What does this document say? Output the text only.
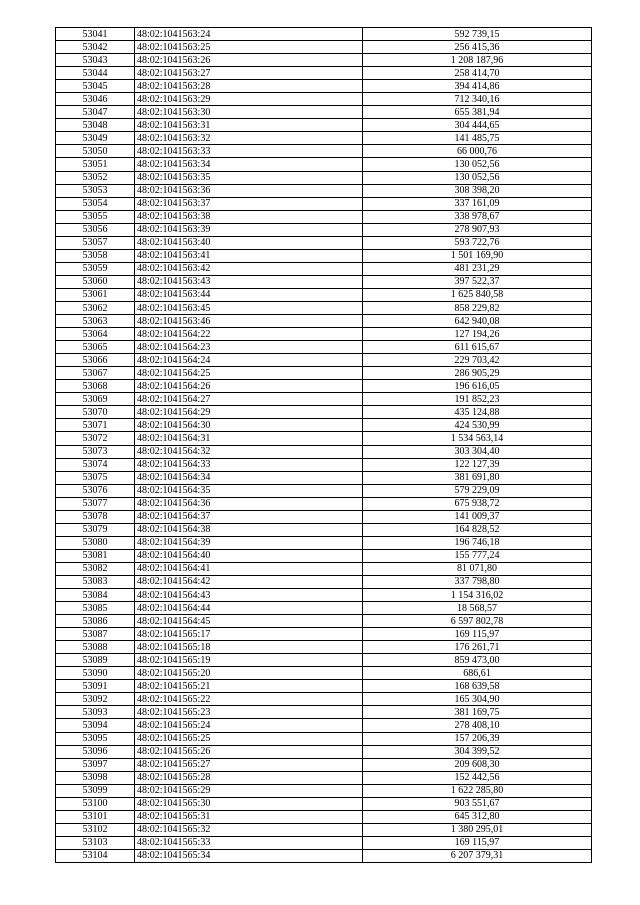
53041	48:02:1041563:24	592 739,15
53042	48:02:1041563:25	256 415,36
53043	48:02:1041563:26	1 208 187,96
53044	48:02:1041563:27	258 414,70
53045	48:02:1041563:28	394 414,86
53046	48:02:1041563:29	712 340,16
53047	48:02:1041563:30	655 381,94
53048	48:02:1041563:31	304 444,65
53049	48:02:1041563:32	141 485,75
53050	48:02:1041563:33	66 000,76
53051	48:02:1041563:34	130 052,56
53052	48:02:1041563:35	130 052,56
53053	48:02:1041563:36	308 398,20
53054	48:02:1041563:37	337 161,09
53055	48:02:1041563:38	338 978,67
53056	48:02:1041563:39	278 907,93
53057	48:02:1041563:40	593 722,76
53058	48:02:1041563:41	1 501 169,90
53059	48:02:1041563:42	481 231,29
53060	48:02:1041563:43	397 522,37
53061	48:02:1041563:44	1 625 840,58
53062	48:02:1041563:45	858 229,82
53063	48:02:1041563:46	642 940,08
53064	48:02:1041564:22	127 194,26
53065	48:02:1041564:23	611 615,67
53066	48:02:1041564:24	229 703,42
53067	48:02:1041564:25	286 905,29
53068	48:02:1041564:26	196 616,05
53069	48:02:1041564:27	191 852,23
53070	48:02:1041564:29	435 124,88
53071	48:02:1041564:30	424 530,99
53072	48:02:1041564:31	1 534 563,14
53073	48:02:1041564:32	303 304,40
53074	48:02:1041564:33	122 127,39
53075	48:02:1041564:34	381 691,80
53076	48:02:1041564:35	579 229,09
53077	48:02:1041564:36	675 938,72
53078	48:02:1041564:37	141 009,37
53079	48:02:1041564:38	164 828,52
53080	48:02:1041564:39	196 746,18
53081	48:02:1041564:40	155 777,24
53082	48:02:1041564:41	81 071,80
53083	48:02:1041564:42	337 798,80
53084	48:02:1041564:43	1 154 316,02
53085	48:02:1041564:44	18 568,57
53086	48:02:1041564:45	6 597 802,78
53087	48:02:1041565:17	169 115,97
53088	48:02:1041565:18	176 261,71
53089	48:02:1041565:19	859 473,00
53090	48:02:1041565:20	686,61
53091	48:02:1041565:21	168 639,58
53092	48:02:1041565:22	165 304,90
53093	48:02:1041565:23	381 169,75
53094	48:02:1041565:24	278 408,10
53095	48:02:1041565:25	157 206,39
53096	48:02:1041565:26	304 399,52
53097	48:02:1041565:27	209 608,30
53098	48:02:1041565:28	152 442,56
53099	48:02:1041565:29	1 622 285,80
53100	48:02:1041565:30	903 551,67
53101	48:02:1041565:31	645 312,80
53102	48:02:1041565:32	1 380 295,01
53103	48:02:1041565:33	169 115,97
53104	48:02:1041565:34	6 207 379,31
